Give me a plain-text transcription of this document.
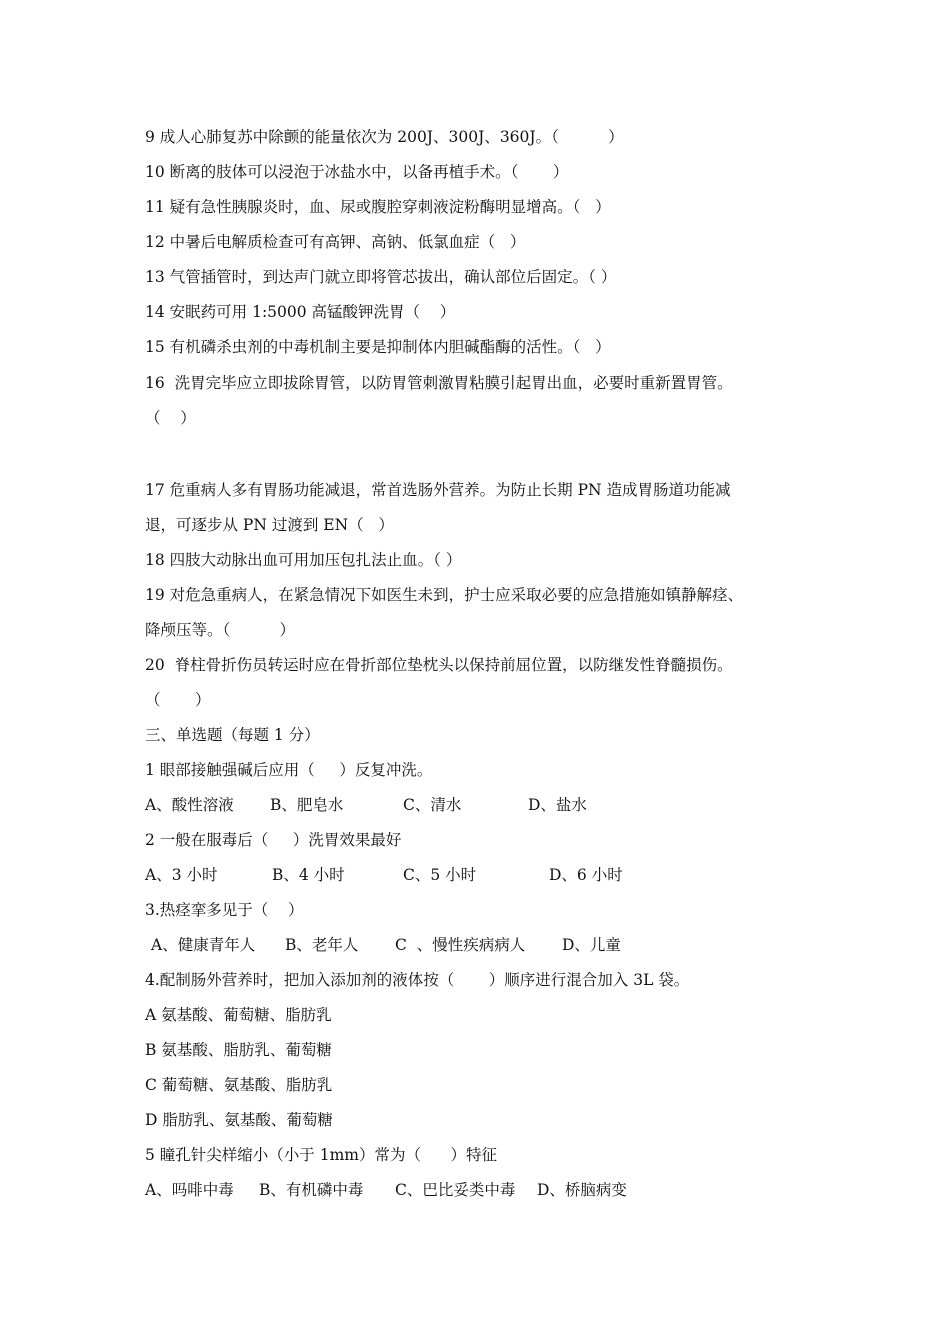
9 成人心肺复苏中除颤的能量依次为 200J、300J、360J。（          ）
10 断离的肢体可以浸泡于冰盐水中，以备再植手术。（       ）
11 疑有急性胰腺炎时，血、尿或腹腔穿刺液淀粉酶明显增高。（   ）
12 中暑后电解质检查可有高钾、高钠、低氯血症（   ）
13 气管插管时，到达声门就立即将管芯拔出，确认部位后固定。（ ）
14 安眠药可用 1:5000 高锰酸钾洗胃（    ）
15 有机磷杀虫剂的中毒机制主要是抑制体内胆碱酯酶的活性。（   ）
16  洗胃完毕应立即拔除胃管，以防胃管刺激胃粘膜引起胃出血，必要时重新置胃管。
（    ）
17 危重病人多有胃肠功能减退，常首选肠外营养。为防止长期 PN 造成胃肠道功能减
退，可逐步从 PN 过渡到 EN（   ）
18 四肢大动脉出血可用加压包扎法止血。（ ）
19 对危急重病人，在紧急情况下如医生未到，护士应采取必要的应急措施如镇静解痉、
降颅压等。（          ）
20  脊柱骨折伤员转运时应在骨折部位垫枕头以保持前屈位置，以防继发性脊髓损伤。
（       ）
三、单选题（每题 1 分）
1 眼部接触强碱后应用（     ）反复冲洗。
A、酸性溶液 B、肥皂水	C、清水	D、盐水
2 一般在服毒后（     ）洗胃效果最好
A、3 小时	B、4 小时	C、5 小时	D、6 小时
3.热痉挛多见于（    ）
A、健康青年人 B、老年人 C  、慢性疾病病人 D、儿童
4.配制肠外营养时，把加入添加剂的液体按（       ）顺序进行混合加入 3L 袋。
A 氨基酸、葡萄糖、脂肪乳
B 氨基酸、脂肪乳、葡萄糖
C 葡萄糖、氨基酸、脂肪乳
D 脂肪乳、氨基酸、葡萄糖
5 瞳孔针尖样缩小（小于 1mm）常为（      ）特征
A、吗啡中毒 B、有机磷中毒 C、巴比妥类中毒 D、桥脑病变
